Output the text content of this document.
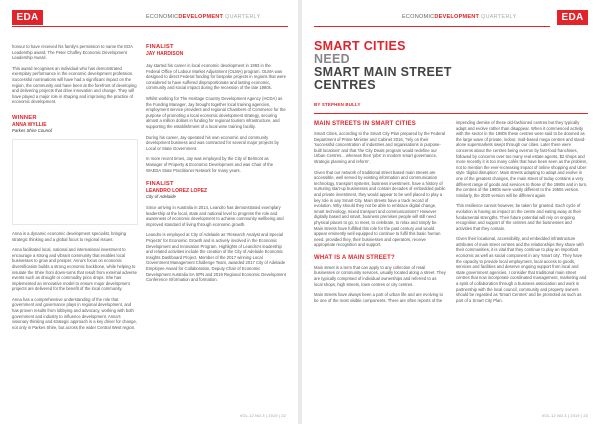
EDA	ECONOMICDEVELOPMENT QUARTERLY

honour to have received his family's permission to name the EDA Leadership award, The Peter Chaffey Economic Development Leadership Award.

This award recognises an individual who has demonstrated exemplary performance in the economic development profession. Successful nominations will have had a significant impact on the region, the community and have been at the forefront of developing and delivering projects that drive innovation and change. They will have played a major role in shaping and improving the practice of economic development.

WINNER
ANNA WYLLIE
Parkes Shire Council

Anna is a dynamic economic development specialist, bringing strategic thinking and a global focus to regional issues.

Anna facilitated local, national and international investment to encourage a strong and vibrant community that enables local businesses to grow and prosper. Anna's focus on economic diversification builds a strong economic backbone, while helping to insulate the Shire from down-turns that result from external adverse events such as drought or commodity price drops. She has implemented an innovative model to ensure major development projects are delivered for the benefit of the local community.

Anna has a comprehensive understanding of the role that government and governance plays in regional development, and has proven results from lobbying and advocacy, working with both government and industry to influence development. Anna's visionary thinking and strategic approach is a key driver for change, not only in Parkes Shire, but across the wider Central West region.

FINALIST
JAY HARDISON

Jay started his career in local economic development in 1993 in the Federal Office of Labour Market Adjustment (OLMA) program. OLMA was designed to direct Federal funding for bespoke projects in regions that were considered to have suffered disproportionate and lasting economic, community and social impact during the recession of the late 1980s.

Whilst working for The Heritage Country Development Agency (HCDA) as the Funding Manager, Jay brought together local training agencies, employment service providers and regional Chambers of Commerce for the purpose of promoting a local economic development strategy, securing almost a million dollars in funding for regional tourism infrastructure, and supporting the establishment of a local wine training facility.

During his career, Jay operated his own economic and community development business and was contracted for several major projects by Local or State Government.

In more recent times, Jay was employed by the City of Belmont as Manager of Property & Economic Development and was Chair of the WAEDA State Practitioner Network for many years.

FINALIST
LEANDRO LOREZ LOPEZ
City of Adelaide

Since arriving in Australia in 2014, Leandro has demonstrated exemplary leadership at the local, state and national level to progress the role and awareness of economic development to achieve community wellbeing and improved standard of living through economic growth.

Leandro is employed at City of Adelaide as 'Research Analyst and Special Projects' for Economic Growth and is actively involved in the Economic Development and Innovation Program. Highlights of Leandro's leadership and related activities include the creation of the City of Adelaide Economic Insights Dashboard Project, Member of the 2017 winning Local Government Management Challenge Team, awarded 2017 City of Adelaide Employee Award for Collaboration, Deputy Chair of Economic Development Australia SA SPN and 2019 Regional Economic Development Conference Information and formation.

VOL.12 NO.3 | 2019 | 22
ECONOMICDEVELOPMENT QUARTERLY	EDA
SMART CITIES
NEED
SMART MAIN STREET CENTRES
BY STEPHEN BULLY
MAIN STREETS IN SMART CITIES

Smart Cities, according to the Smart City Plan prepared by the Federal Department of Prime Minister and Cabinet 2016, "rely on their 'successful concentration of industries and organisations in purpose-built locations' and that 'the City Deals program would redefine our Urban Centres... whereas their 'jobs' in modern smart governance, strategic planning and reform'.

Given that our network of traditional street based main streets are accessible, well served by existing information and communication technology, transport systems, business investment, have a history of nurturing start-up businesses and contain decades of embedded public and private investment, they would appear to be well placed to play a key role in any Smart City. Main streets have a track record of evolution. Why should they not be able to embrace digital change, smart technology, mixed transport and communications? However digitally based and smart, business premises people will still need physical places to go, to meet, to celebrate, to relax and simply be. Main streets have fulfilled this role for the past century and would appear eminently well equipped to continue to fulfil this basic human need, provided they, their businesses and operators, receive appropriate recognition and support.

WHAT IS A MAIN STREET?

Main street is a term that can apply to any collection of retail businesses or community services, usually located along a street. They are typically comprised of individual ownerships and referred to as local shops, high streets, town centres or city centres.

Main streets have always been a part of urban life and are evolving to be one of the most visible components. There are often reports of the

impending demise of these old-fashioned centres but they typically adapt and evolve rather than disappear. When it commenced activity with the sector in the 1980s these centres were said to be doomed as the large wave of private, indoor, mall-based mega centres and stand-alone supermarkets swept through our cities. Later there were concerns about the centres being overrun by fast-food franchises, followed by concerns over too many real estate agents, $2 shops and more recently it is too many cafés that have been seen as the problem, not to mention the ever-increasing impact of online shopping and Uber style 'digital disruption'. Main streets adapting to adapt and evolve in one of the greatest changes, the main street of today contains a very different range of goods and services to those of the 1980s and in turn, the centres of the 1980s were vastly different to the 1950s version. Similarly, the 2020 version will be different again.

This resilience cannot however, be taken for granted. Each cycle of evolution is having an impact on the centre and eating away at their fundamental strengths. Their future potential will rely on ongoing recognition and support of the centres and the businesses and activities that they contain.

Given their locational, accessibility, and embedded infrastructure attributes of main street centres and the relationships they share with their communities, it is vital that they continue to play an important economic as well as social component in any 'smart city'. They have the capacity to provide local employment, local access to goods, services and facilities and deserve ongoing support from local and state government agencies. I consider that traditional main street centres that now incorporate coordinated management, marketing and a spirit of collaboration through a business association and work in partnership with the local council, community and property owners should be regarded as 'Smart Centres' and be promoted as such as part of a Smart City Plan.

VOL.12 NO.3 | 2019 | 23
